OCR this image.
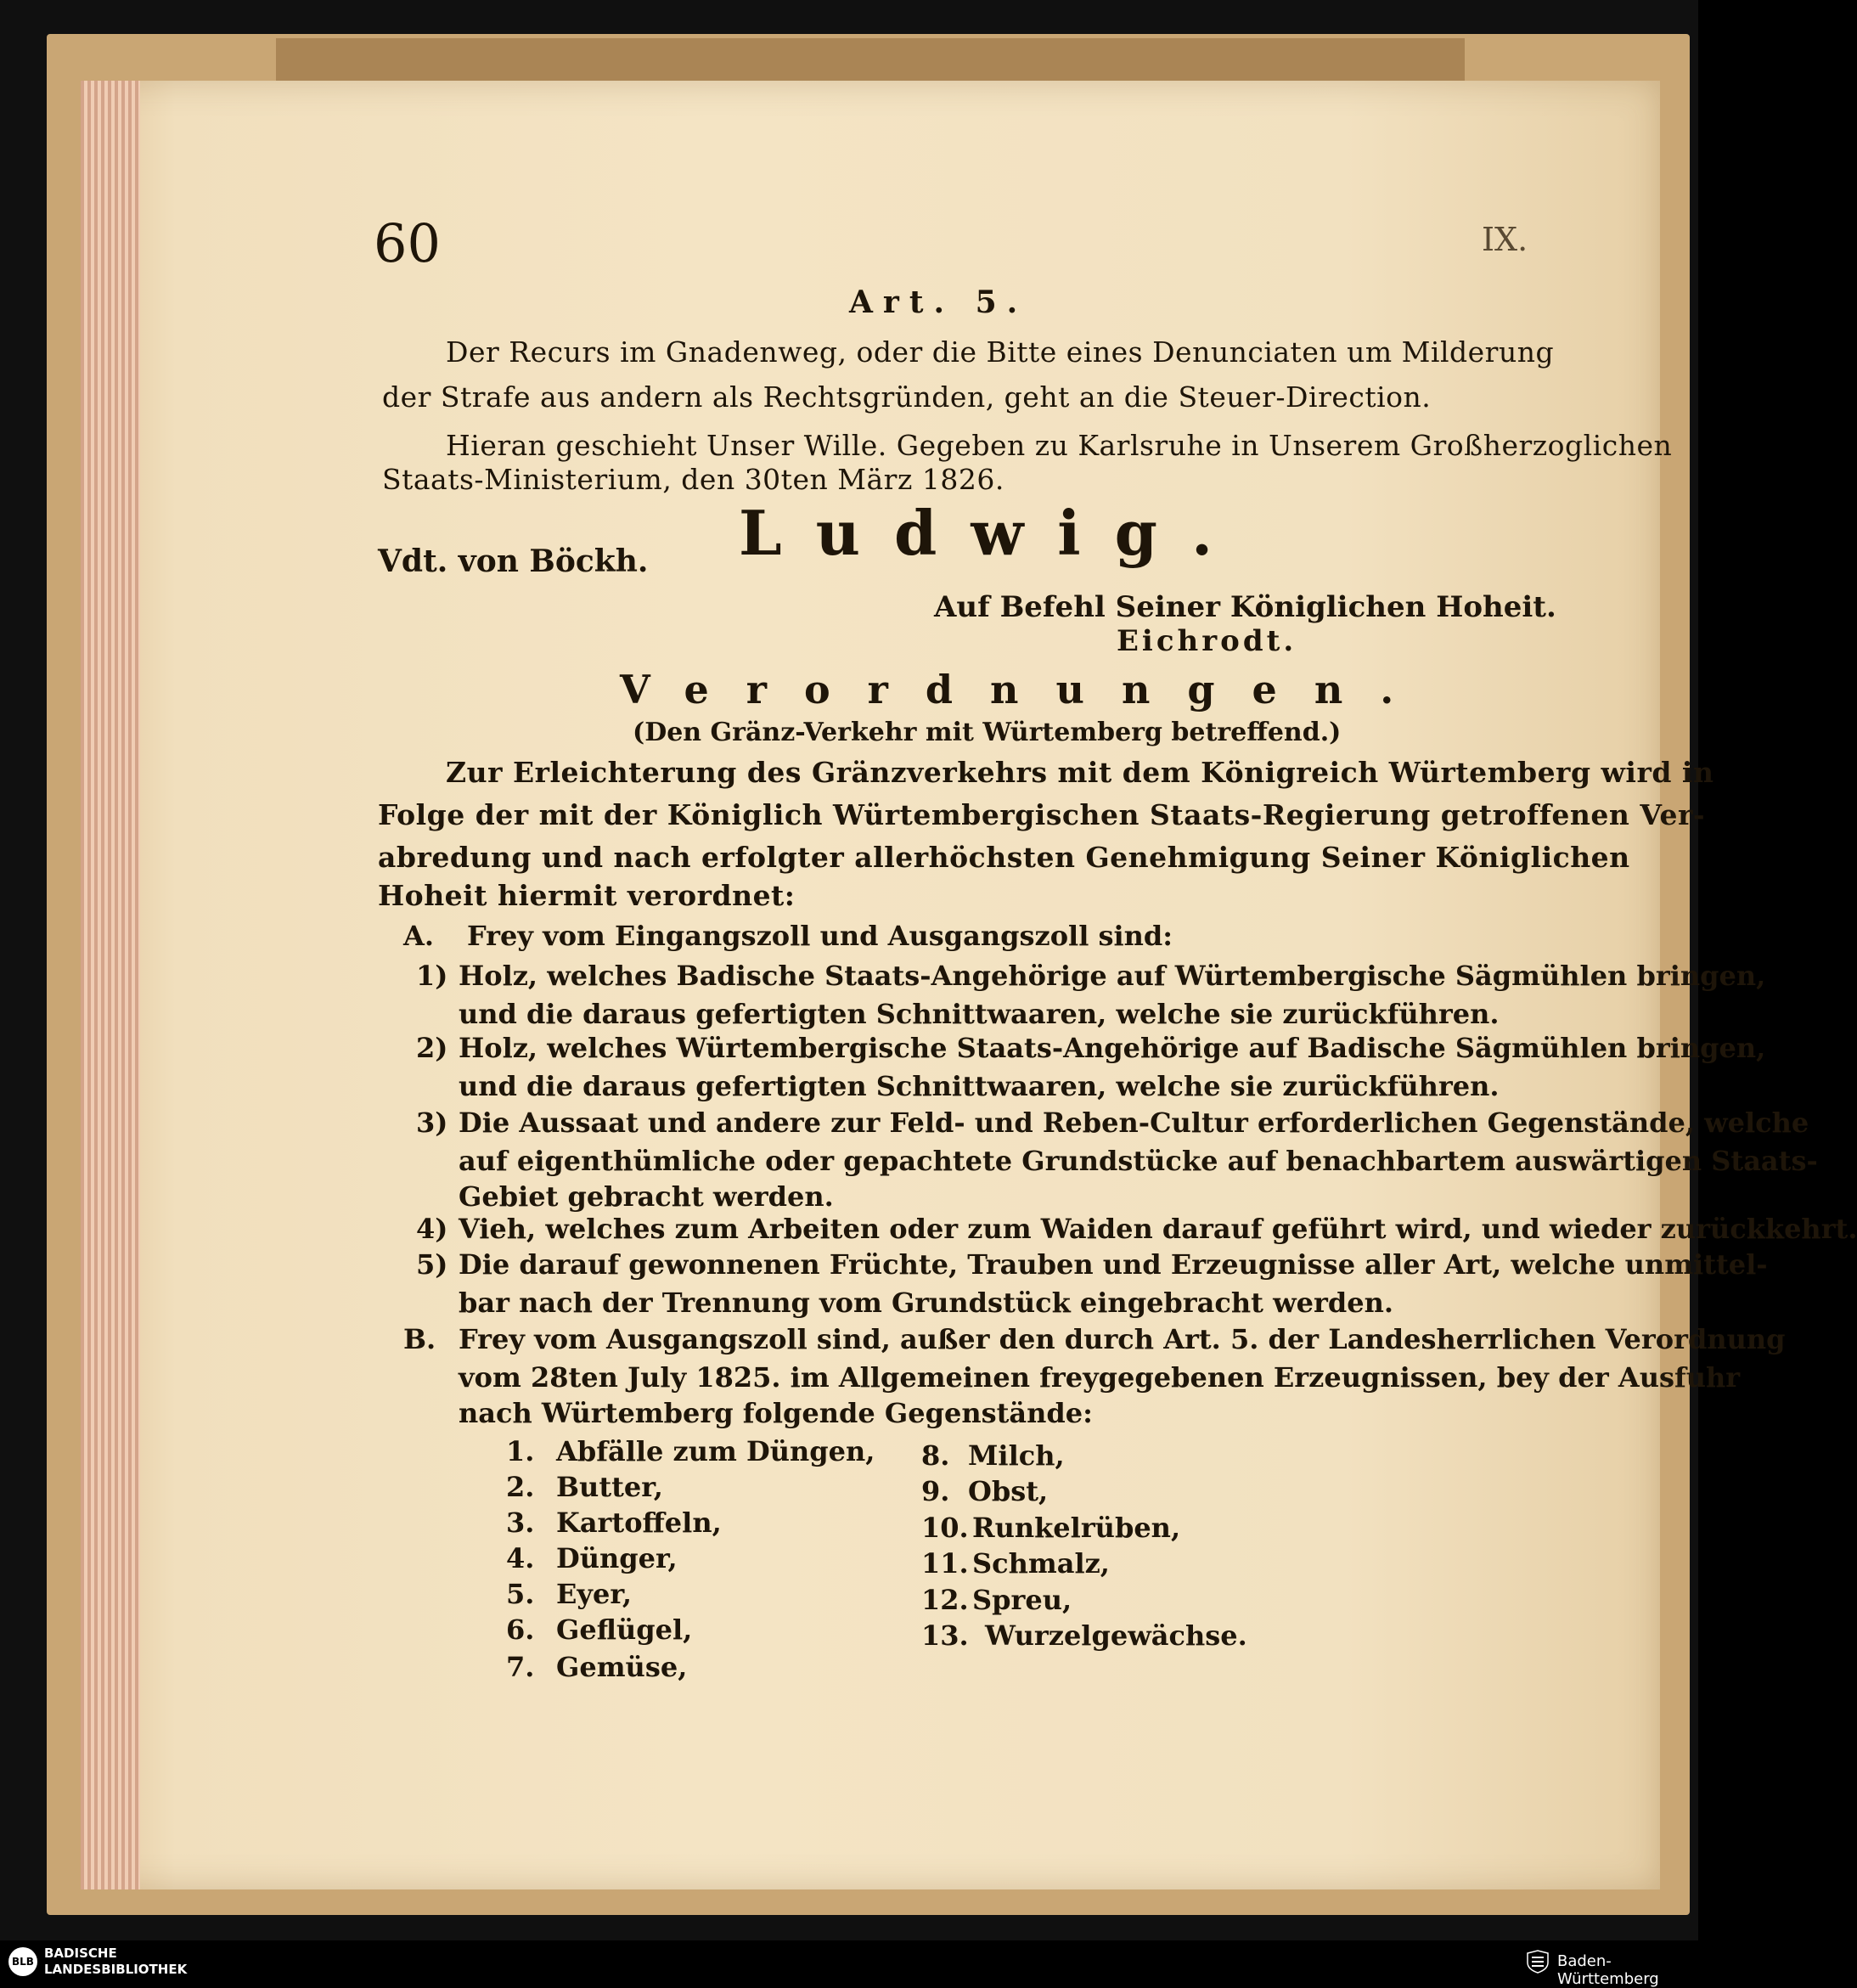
60	IX.
Art. 5.
Der Recurs im Gnadenweg, oder die Bitte eines Denunciaten um Milderung
der Strafe aus andern als Rechtsgründen, geht an die Steuer-Direction.
Hieran geschieht Unser Wille. Gegeben zu Karlsruhe in Unserem Großherzoglichen
Staats-Ministerium, den 30ten März 1826.
Ludwig.
Vdt. von Böckh.
Auf Befehl Seiner Königlichen Hoheit.
Eichrodt.
Verordnungen.
(Den Gränz-Verkehr mit Würtemberg betreffend.)
Zur Erleichterung des Gränzverkehrs mit dem Königreich Würtemberg wird in
Folge der mit der Königlich Würtembergischen Staats-Regierung getroffenen Ver-
abredung und nach erfolgter allerhöchsten Genehmigung Seiner Königlichen
Hoheit hiermit verordnet:
A. Frey vom Eingangszoll und Ausgangszoll sind:
1) Holz, welches Badische Staats-Angehörige auf Würtembergische Sägmühlen bringen,
und die daraus gefertigten Schnittwaaren, welche sie zurückführen.
2) Holz, welches Würtembergische Staats-Angehörige auf Badische Sägmühlen bringen,
und die daraus gefertigten Schnittwaaren, welche sie zurückführen.
3) Die Aussaat und andere zur Feld- und Reben-Cultur erforderlichen Gegenstände, welche
auf eigenthümliche oder gepachtete Grundstücke auf benachbartem auswärtigen Staats-
Gebiet gebracht werden.
4) Vieh, welches zum Arbeiten oder zum Waiden darauf geführt wird, und wieder zurückkehrt.
5) Die darauf gewonnenen Früchte, Trauben und Erzeugnisse aller Art, welche unmittel-
bar nach der Trennung vom Grundstück eingebracht werden.
B. Frey vom Ausgangszoll sind, außer den durch Art. 5. der Landesherrlichen Verordnung
vom 28ten July 1825. im Allgemeinen freygegebenen Erzeugnissen, bey der Ausfuhr
nach Würtemberg folgende Gegenstände:
1. Abfälle zum Düngen,
2. Butter,
3. Kartoffeln,
4. Dünger,
5. Eyer,
6. Geflügel,
7. Gemüse,
8. Milch,
9. Obst,
10. Runkelrüben,
11. Schmalz,
12. Spreu,
13. Wurzelgewächse.
BLB
BADISCHE
LANDESBIBLIOTHEK	Baden-Württemberg
